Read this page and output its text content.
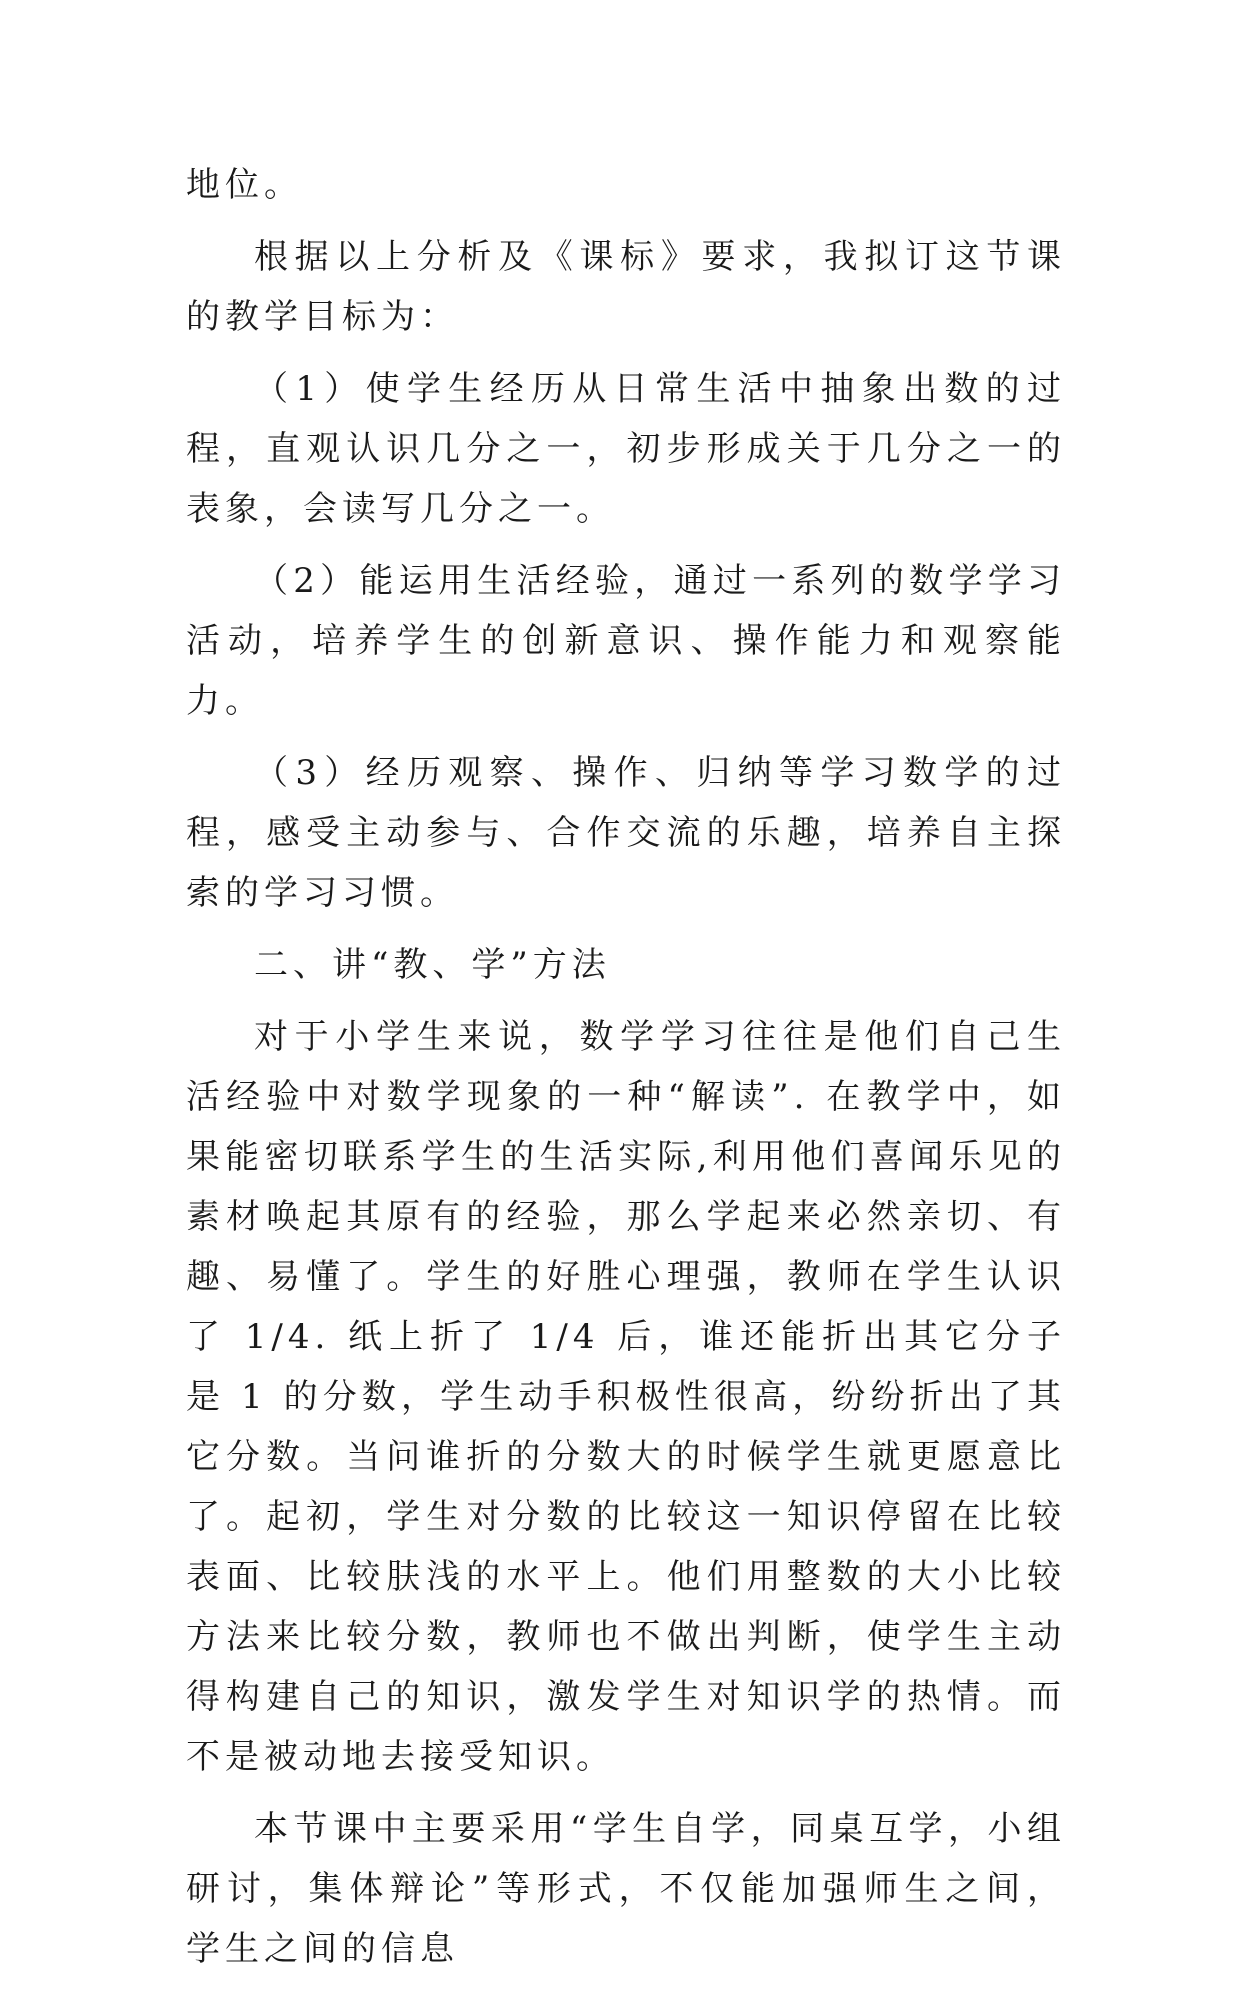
地位。

根据以上分析及《课标》要求，我拟订这节课的教学目标为：

（1）使学生经历从日常生活中抽象出数的过程，直观认识几分之一，初步形成关于几分之一的表象，会读写几分之一。

（2）能运用生活经验，通过一系列的数学学习活动，培养学生的创新意识、操作能力和观察能力。

（3）经历观察、操作、归纳等学习数学的过程，感受主动参与、合作交流的乐趣，培养自主探索的学习习惯。

二、讲“教、学”方法

对于小学生来说，数学学习往往是他们自己生活经验中对数学现象的一种“解读”. 在教学中，如果能密切联系学生的生活实际,利用他们喜闻乐见的素材唤起其原有的经验，那么学起来必然亲切、有趣、易懂了。学生的好胜心理强，教师在学生认识了 1/4. 纸上折了 1/4 后，谁还能折出其它分子是 1 的分数，学生动手积极性很高，纷纷折出了其它分数。当问谁折的分数大的时候学生就更愿意比了。起初，学生对分数的比较这一知识停留在比较表面、比较肤浅的水平上。他们用整数的大小比较方法来比较分数，教师也不做出判断，使学生主动得构建自己的知识，激发学生对知识学的热情。而不是被动地去接受知识。

本节课中主要采用“学生自学，同桌互学，小组研讨，集体辩论”等形式，不仅能加强师生之间，学生之间的信息
